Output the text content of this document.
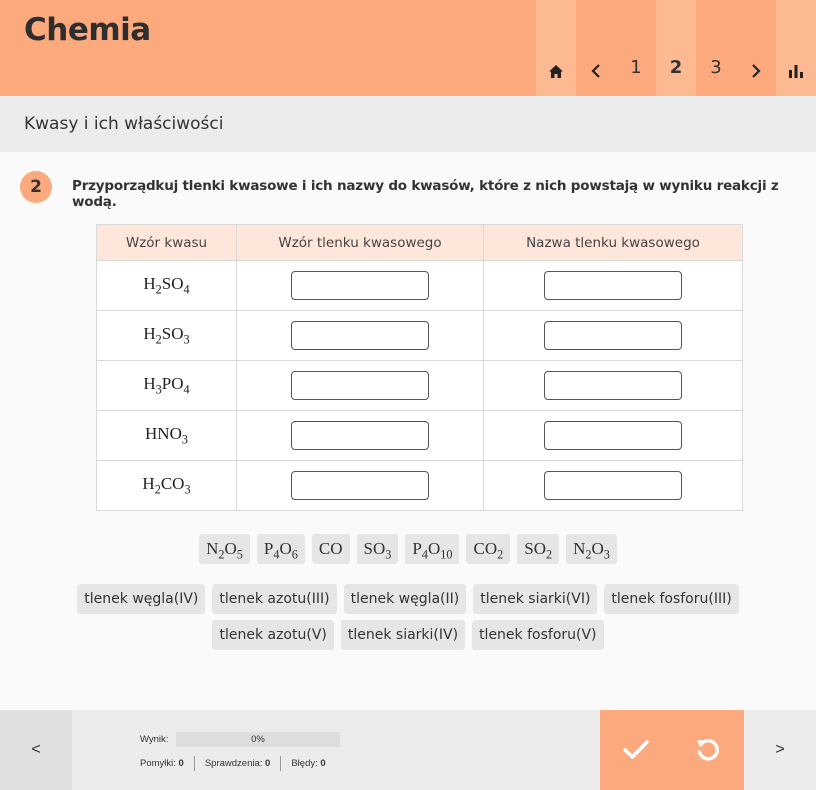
Chemia
1	2	3
Kwasy i ich właściwości
2	Przyporządkuj tlenki kwasowe i ich nazwy do kwasów, które z nich powstają w wyniku reakcji z wodą.
Wzór kwasu	Wzór tlenku kwasowego	Nazwa tlenku kwasowego
$H_2SO_4$		
$H_2SO_3$		
$H_3PO_4$		
$HNO_3$		
$H_2CO_3$		
$N_2O_5$	$P_4O_6$	CO	$SO_3$	$P_4O_{10}$	$CO_2$	$SO_2$	$N_2O_3$
tlenek węgla(IV)	tlenek azotu(III)	tlenek węgla(II)	tlenek siarki(VI)	tlenek fosforu(III)
tlenek azotu(V)	tlenek siarki(IV)	tlenek fosforu(V)
<
Wynik:	0%
Pomyłki: 0	Sprawdzenia: 0	Błędy: 0
>
